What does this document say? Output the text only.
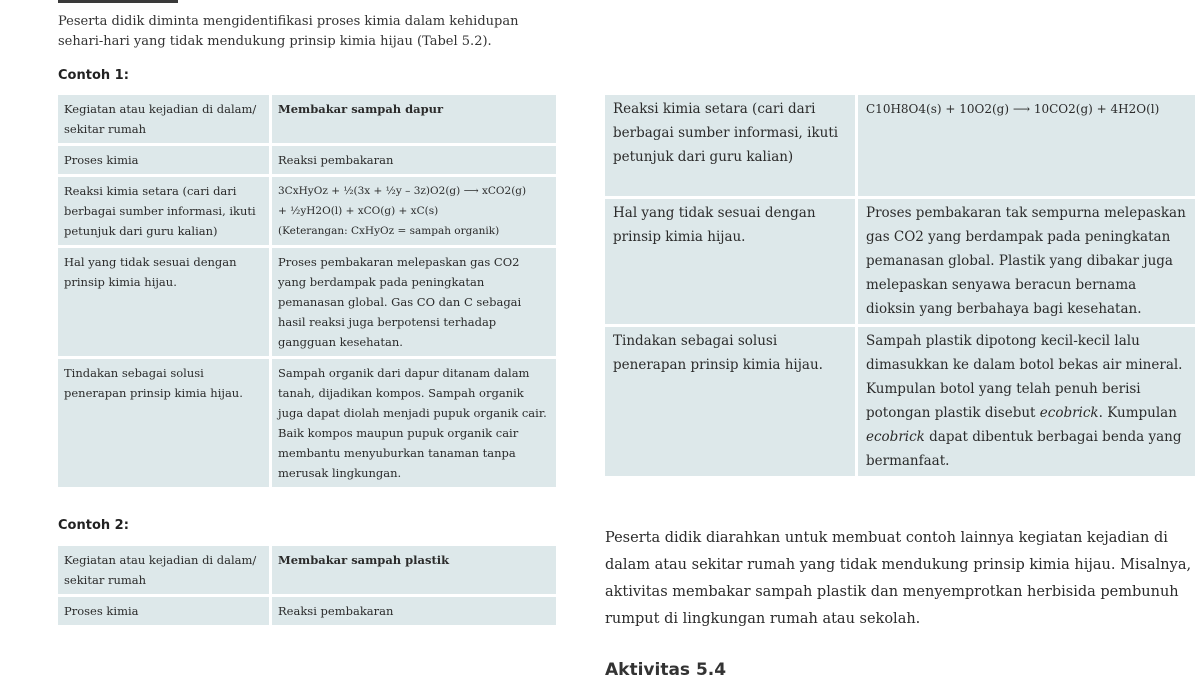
Peserta didik diminta mengidentifikasi proses kimia dalam kehidupan sehari-hari yang tidak mendukung prinsip kimia hijau (Tabel 5.2).

Contoh 1:
Kegiatan atau kejadian di dalam/ sekitar rumah	Membakar sampah dapur
Proses kimia	Reaksi pembakaran
Reaksi kimia setara (cari dari berbagai sumber informasi, ikuti petunjuk dari guru kalian)	3CxHyOz + ½(3x + ½y – 3z)O2(g) ⟶ xCO2(g)
+ ½yH2O(l) + xCO(g) + xC(s)
(Keterangan: CxHyOz = sampah organik)

Hal yang tidak sesuai dengan prinsip kimia hijau.	Proses pembakaran melepaskan gas CO2 yang berdampak pada peningkatan pemanasan global. Gas CO dan C sebagai hasil reaksi juga berpotensi terhadap gangguan kesehatan.
Tindakan sebagai solusi penerapan prinsip kimia hijau.	Sampah organik dari dapur ditanam dalam tanah, dijadikan kompos. Sampah organik juga dapat diolah menjadi pupuk organik cair. Baik kompos maupun pupuk organik cair membantu menyuburkan tanaman tanpa merusak lingkungan.
Contoh 2:
Kegiatan atau kejadian di dalam/ sekitar rumah	Membakar sampah plastik
Proses kimia	Reaksi pembakaran
Reaksi kimia setara (cari dari berbagai sumber informasi, ikuti petunjuk dari guru kalian)	C10H8O4(s) + 10O2(g) ⟶ 10CO2(g) + 4H2O(l)
Hal yang tidak sesuai dengan prinsip kimia hijau.	Proses pembakaran tak sempurna melepaskan gas CO2 yang berdampak pada peningkatan pemanasan global. Plastik yang dibakar juga melepaskan senyawa beracun bernama dioksin yang berbahaya bagi kesehatan.
Tindakan sebagai solusi penerapan prinsip kimia hijau.	Sampah plastik dipotong kecil-kecil lalu dimasukkan ke dalam botol bekas air mineral. Kumpulan botol yang telah penuh berisi potongan plastik disebut ecobrick. Kumpulan ecobrick dapat dibentuk berbagai benda yang bermanfaat.

Peserta didik diarahkan untuk membuat contoh lainnya kegiatan kejadian di dalam atau sekitar rumah yang tidak mendukung prinsip kimia hijau. Misalnya, aktivitas membakar sampah plastik dan menyemprotkan herbisida pembunuh rumput di lingkungan rumah atau sekolah.

Aktivitas 5.4
